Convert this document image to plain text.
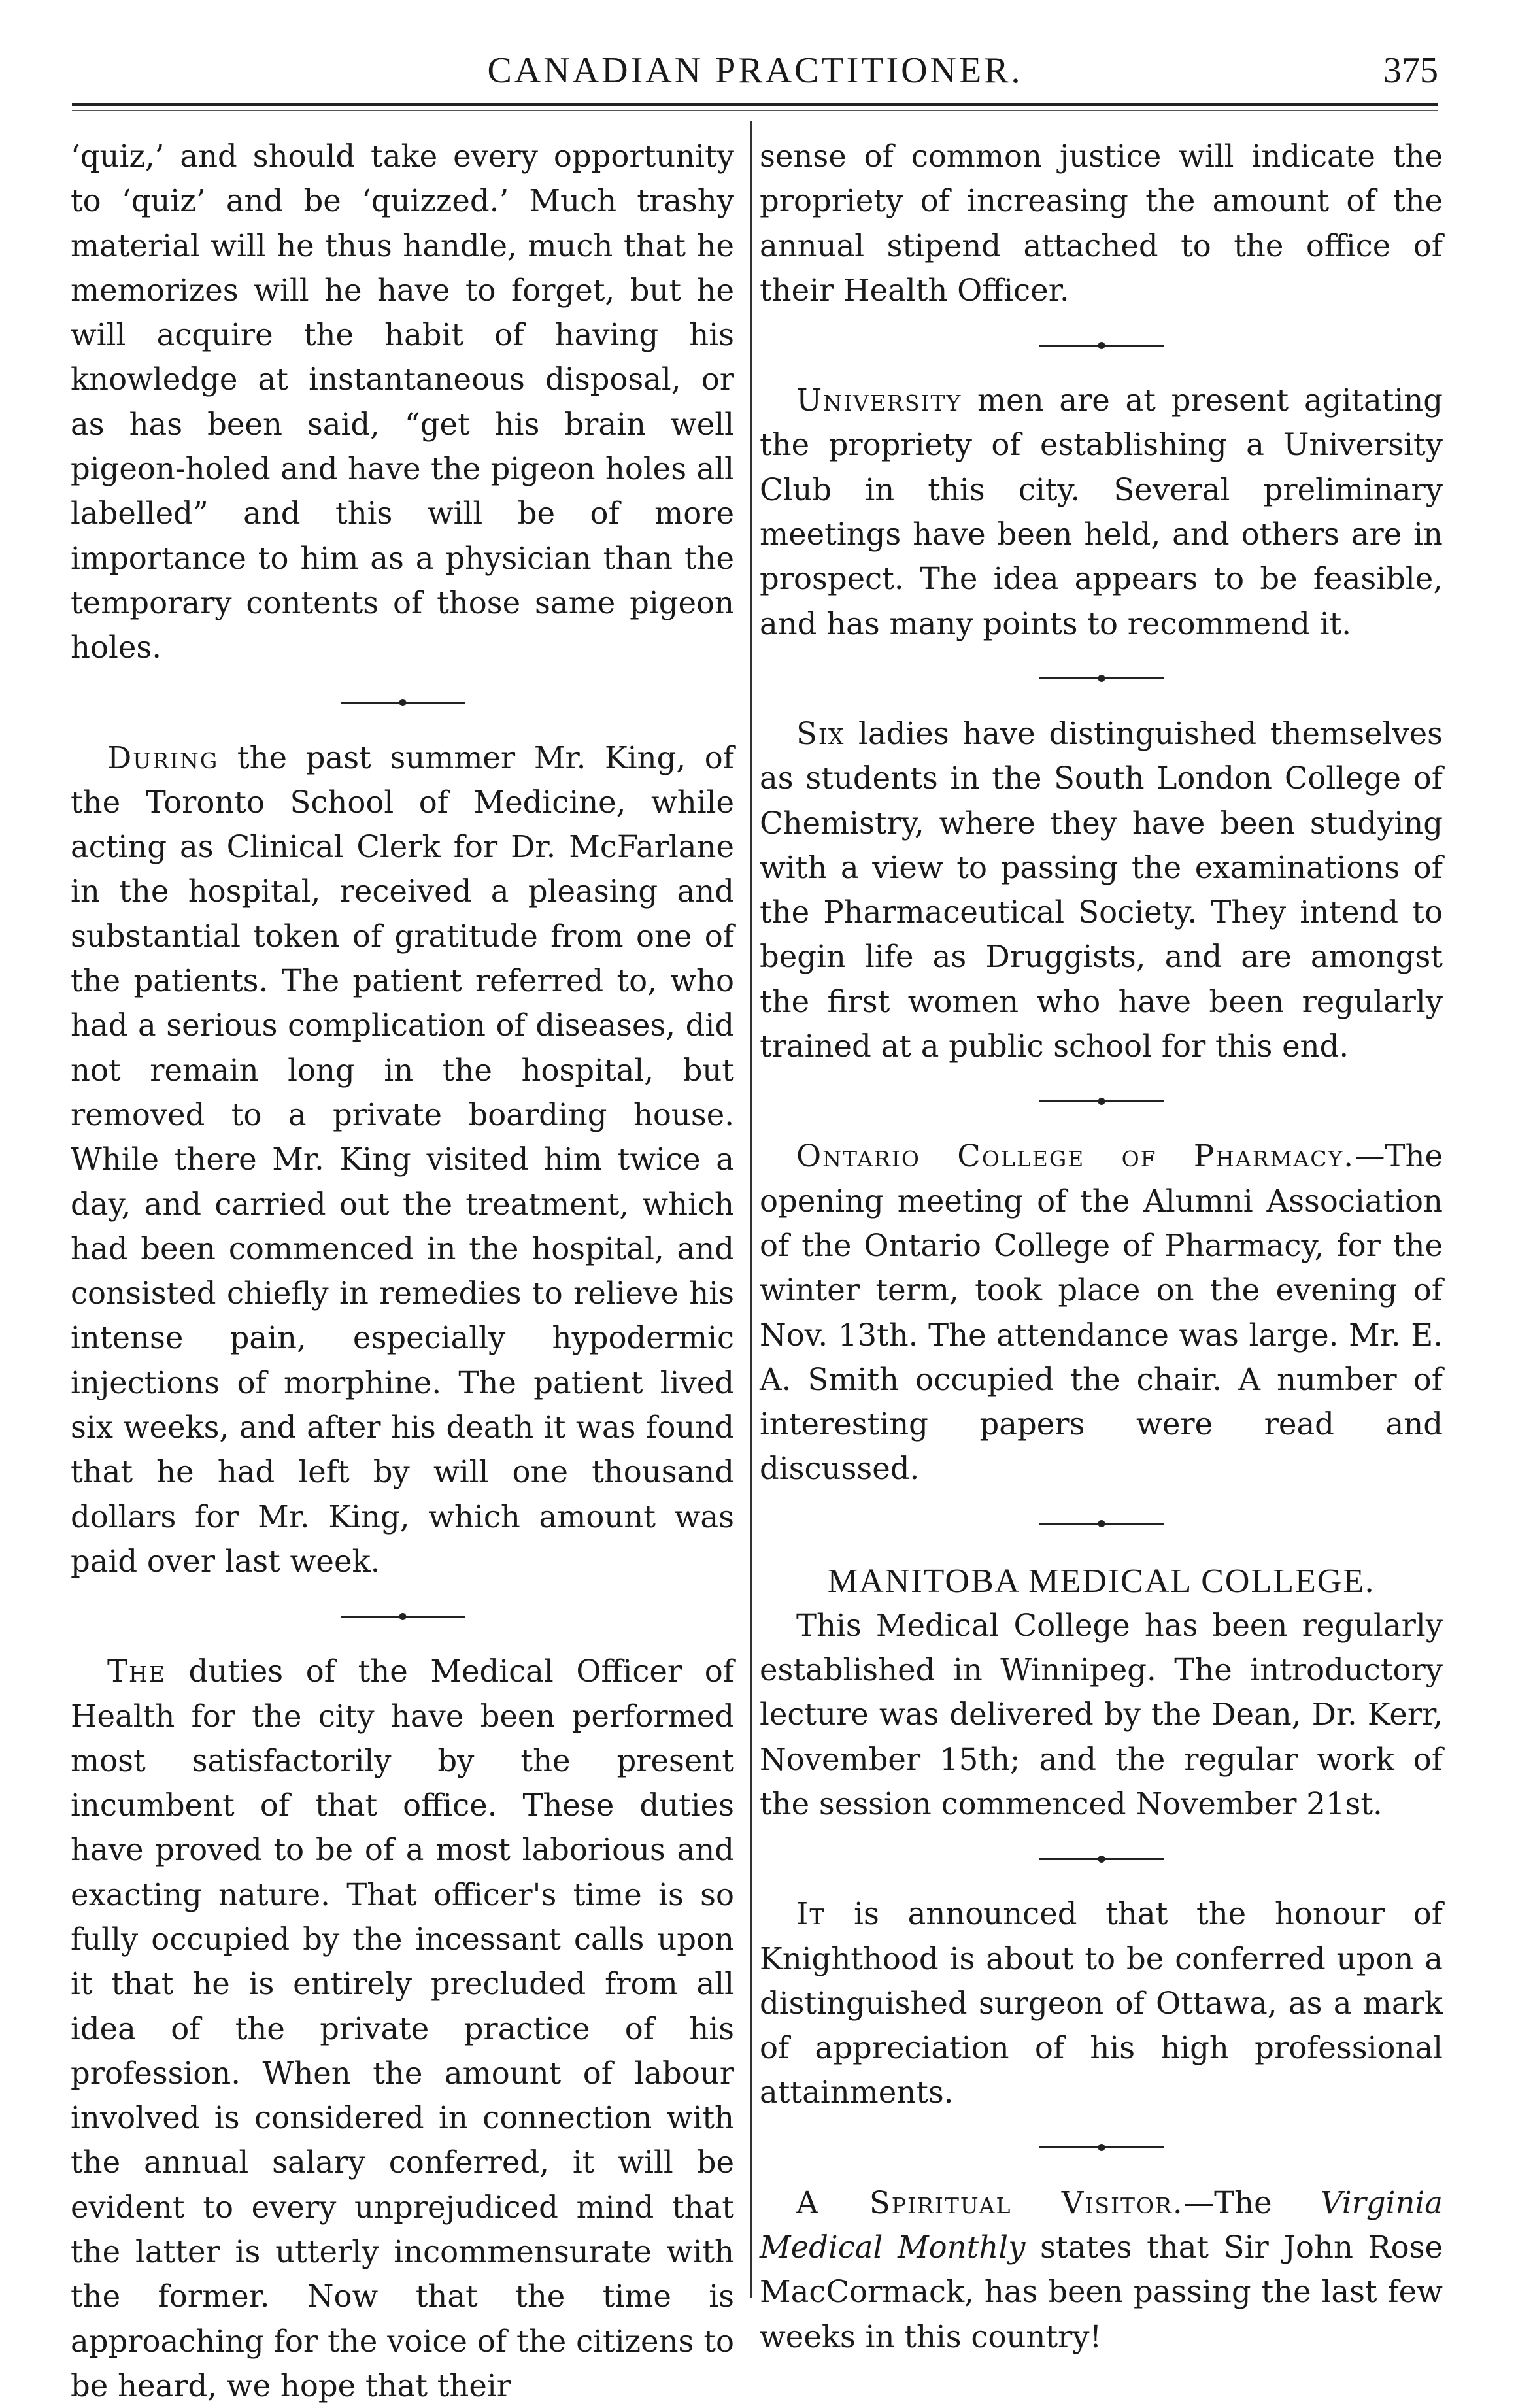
CANADIAN PRACTITIONER.	375

‘quiz,’ and should take every opportunity to ‘quiz’ and be ‘quizzed.’ Much trashy material will he thus handle, much that he memorizes will he have to forget, but he will acquire the habit of having his knowledge at instantaneous disposal, or as has been said, “get his brain well pigeon-holed and have the pigeon holes all labelled” and this will be of more importance to him as a physician than the temporary contents of those same pigeon holes.

During the past summer Mr. King, of the Toronto School of Medicine, while acting as Clinical Clerk for Dr. McFarlane in the hospital, received a pleasing and substantial token of gratitude from one of the patients. The patient referred to, who had a serious complication of diseases, did not remain long in the hospital, but removed to a private boarding house. While there Mr. King visited him twice a day, and carried out the treatment, which had been commenced in the hospital, and consisted chiefly in remedies to relieve his intense pain, especially hypodermic injections of morphine. The patient lived six weeks, and after his death it was found that he had left by will one thousand dollars for Mr. King, which amount was paid over last week.

The duties of the Medical Officer of Health for the city have been performed most satisfactorily by the present incumbent of that office. These duties have proved to be of a most laborious and exacting nature. That officer's time is so fully occupied by the incessant calls upon it that he is entirely precluded from all idea of the private practice of his profession. When the amount of labour involved is considered in connection with the annual salary conferred, it will be evident to every unprejudiced mind that the latter is utterly incommensurate with the former. Now that the time is approaching for the voice of the citizens to be heard, we hope that their

sense of common justice will indicate the propriety of increasing the amount of the annual stipend attached to the office of their Health Officer.

University men are at present agitating the propriety of establishing a University Club in this city. Several preliminary meetings have been held, and others are in prospect. The idea appears to be feasible, and has many points to recommend it.

Six ladies have distinguished themselves as students in the South London College of Chemistry, where they have been studying with a view to passing the examinations of the Pharmaceutical Society. They intend to begin life as Druggists, and are amongst the first women who have been regularly trained at a public school for this end.

Ontario College of Pharmacy.—The opening meeting of the Alumni Association of the Ontario College of Pharmacy, for the winter term, took place on the evening of Nov. 13th. The attendance was large. Mr. E. A. Smith occupied the chair. A number of interesting papers were read and discussed.

MANITOBA MEDICAL COLLEGE.

This Medical College has been regularly established in Winnipeg. The introductory lecture was delivered by the Dean, Dr. Kerr, November 15th; and the regular work of the session commenced November 21st.

It is announced that the honour of Knighthood is about to be conferred upon a distinguished surgeon of Ottawa, as a mark of appreciation of his high professional attainments.

A Spiritual Visitor.—The Virginia Medical Monthly states that Sir John Rose MacCormack, has been passing the last few weeks in this country!
